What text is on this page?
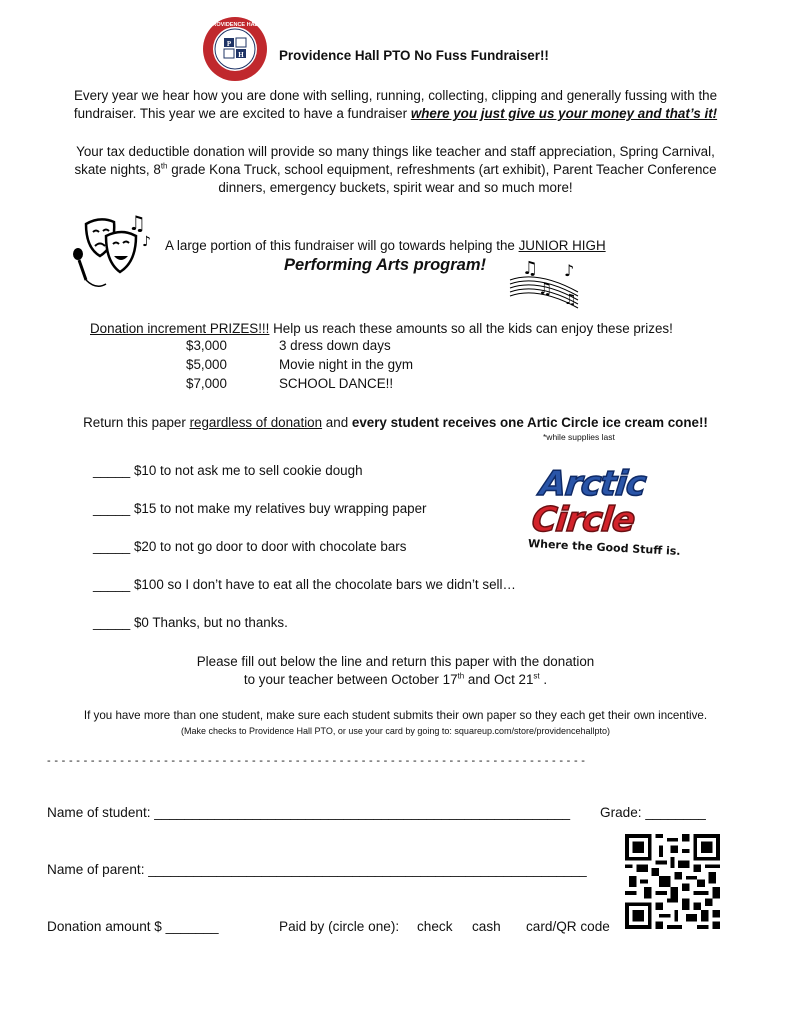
P
H
PROVIDENCE HALL
Providence Hall PTO No Fuss Fundraiser!!
Every year we hear how you are done with selling, running, collecting, clipping and generally fussing with the
fundraiser. This year we are excited to have a fundraiser where you just give us your money and that’s it!
Your tax deductible donation will provide so many things like teacher and staff appreciation, Spring Carnival,
skate nights, 8th grade Kona Truck, school equipment, refreshments (art exhibit), Parent Teacher Conference
dinners, emergency buckets, spirit wear and so much more!
♫
♪ A large portion of this fundraiser will go towards helping the JUNIOR HIGH
Performing Arts program! ♫ ♪
♫
♫
Donation increment PRIZES!!! Help us reach these amounts so all the kids can enjoy these prizes!
$3,000	3 dress down days
$5,000	Movie night in the gym
$7,000	SCHOOL DANCE!!
Return this paper regardless of donation and every student receives one Artic Circle ice cream cone!!
*while supplies last
_____ $10 to not ask me to sell cookie dough
_____ $15 to not make my relatives buy wrapping paper
_____ $20 to not go door to door with chocolate bars
_____ $100 so I don’t have to eat all the chocolate bars we didn’t sell…
_____ $0 Thanks, but no thanks.
Arctic
Circle
Where the Good Stuff is.
Please fill out below the line and return this paper with the donation
to your teacher between October 17th and Oct 21st .
If you have more than one student, make sure each student submits their own paper so they each get their own incentive.
(Make checks to Providence Hall PTO, or use your card by going to: squareup.com/store/providencehallpto)
- - - - - - - - - - - - - - - - - - - - - - - - - - - - - - - - - - - - - - - - - - - - - - - - - - - - - - - - - - - - - - - - - - - - - - - - - -
Name of student: _______________________________________________________ Grade: ________
Name of parent: __________________________________________________________
Donation amount $ _______	Paid by (circle one): check cash card/QR code
